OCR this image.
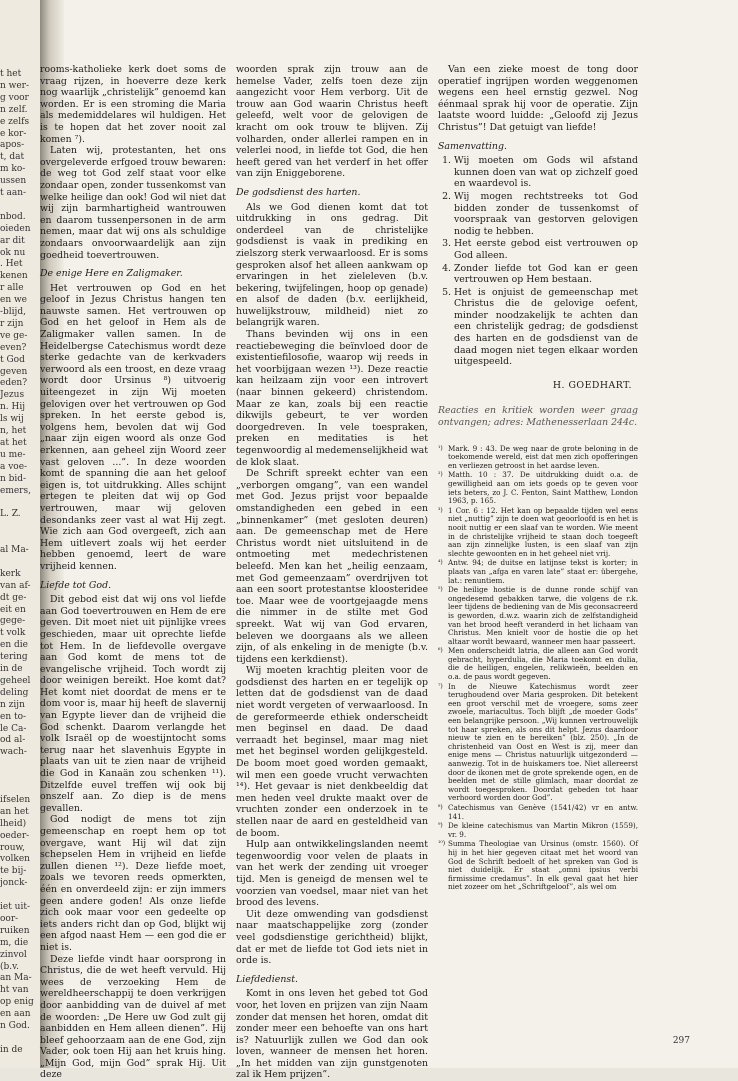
t het
n wer-
g voor
n zelf.
e zelfs
e kor-
apos-
t, dat
m ko-
ussen
t aan-
nbod.
oieden
ar dit
ok nu
. Het
kenen
r alle
en we
-blijd,
r zijn
ve ge-
even?
t God
geven
eden?
Jezus
n. Hij
ls wij
n, het
at het
u me-
a voe-
n bid-
emers,
L. Z.
al Ma-
kerk
van af-
dt ge-
eit en
gege-
t volk
en die
tering
in de
geheel
deling
n zijn
en to-
le Ca-
od al-
wach-
ifselen
an het
lheid)
oeder-
rouw,
volken
te bij-
jonck-
iet uit-
oor-
ruiken
m, die
zinvol
(b.v.
an Ma-
ht van
op enig
en aan
n God.
in de

rooms-katholieke kerk doet soms de vraag rijzen, in hoeverre deze kerk nog waarlijk „christelijk” genoemd kan worden. Er is een stroming die Maria als medemiddelares wil huldigen. Het is te hopen dat het zover nooit zal komen ⁷).

Laten wij, protestanten, het ons overgeleverde erfgoed trouw bewaren: de weg tot God zelf staat voor elke zondaar open, zonder tussenkomst van welke heilige dan ook! God wil niet dat wij zijn barmhartigheid wantrouwen en daarom tussenpersonen in de arm nemen, maar dat wij ons als schuldige zondaars onvoorwaardelijk aan zijn goedheid toevertrouwen.

De enige Here en Zaligmaker.

Het vertrouwen op God en het geloof in Jezus Christus hangen ten nauwste samen. Het vertrouwen op God en het geloof in Hem als de Zaligmaker vallen samen. In de Heidelbergse Catechismus wordt deze sterke gedachte van de kerkvaders verwoord als een troost, en deze vraag wordt door Ursinus ⁸) uitvoerig uiteengezet in zijn Wij moeten gelovigen over het vertrouwen op God spreken. In het eerste gebod is, volgens hem, bevolen dat wij God „naar zijn eigen woord als onze God erkennen, aan geheel zijn Woord zeer vast geloven ...”. In deze woorden komt de spanning die aan het geloof eigen is, tot uitdrukking. Alles schijnt ertegen te pleiten dat wij op God vertrouwen, maar wij geloven desondanks zeer vast al wat Hij zegt. Wie zich aan God overgeeft, zich aan Hem uitlevert zoals wij het eerder hebben genoemd, leert de ware vrijheid kennen.

Liefde tot God.

Dit gebod eist dat wij ons vol liefde aan God toevertrouwen en Hem de ere geven. Dit moet niet uit pijnlijke vrees geschieden, maar uit oprechte liefde tot Hem. In de liefdevolle overgave aan God komt de mens tot de evangelische vrijheid. Toch wordt zij door weinigen bereikt. Hoe komt dat? Het komt niet doordat de mens er te dom voor is, maar hij heeft de slavernij van Egypte liever dan de vrijheid die God schenkt. Daarom verlangde het volk Israël op de woestijntocht soms terug naar het slavenhuis Egypte in plaats van uit te zien naar de vrijheid die God in Kanaän zou schenken ¹¹). Ditzelfde euvel treffen wij ook bij onszelf aan. Zo diep is de mens gevallen.

God nodigt de mens tot zijn gemeenschap en roept hem op tot overgave, want Hij wil dat zijn schepselen Hem in vrijheid en liefde zullen dienen ¹²). Deze liefde moet, zoals we tevoren reeds opmerkten, één en onverdeeld zijn: er zijn immers geen andere goden! Als onze liefde zich ook maar voor een gedeelte op iets anders richt dan op God, blijkt wij een afgod naast Hem — een god die er niet is.

Deze liefde vindt haar oorsprong in Christus, die de wet heeft vervuld. Hij wees de verzoeking Hem de wereldheerschappij te doen verkrijgen door aanbidding van de duivel af met de woorden: „De Here uw God zult gij aanbidden en Hem alleen dienen”. Hij bleef gehoorzaam aan de ene God, zijn Vader, ook toen Hij aan het kruis hing. „Mijn God, mijn God” sprak Hij. Uit deze

woorden sprak zijn trouw aan de hemelse Vader, zelfs toen deze zijn aangezicht voor Hem verborg. Uit de trouw aan God waarin Christus heeft geleefd, welt voor de gelovigen de kracht om ook trouw te blijven. Zij volharden, onder allerlei rampen en in velerlei nood, in liefde tot God, die hen heeft gered van het verderf in het offer van zijn Eniggeborene.

De godsdienst des harten.

Als we God dienen komt dat tot uitdrukking in ons gedrag. Dit onderdeel van de christelijke godsdienst is vaak in prediking en zielszorg sterk verwaarloosd. Er is soms gesproken alsof het alleen aankwam op ervaringen in het zieleleven (b.v. bekering, twijfelingen, hoop op genade) en alsof de daden (b.v. eerlijkheid, huwelijkstrouw, mildheid) niet zo belangrijk waren.

Thans bevinden wij ons in een reactiebeweging die beïnvloed door de existentiefilosofie, waarop wij reeds in het voorbijgaan wezen ¹³). Deze reactie kan heilzaam zijn voor een introvert (naar binnen gekeerd) christendom. Maar ze kan, zoals bij een reactie dikwijls gebeurt, te ver worden doorgedreven. In vele toespraken, preken en meditaties is het tegenwoordig al medemenselijkheid wat de klok slaat.

De Schrift spreekt echter van een „verborgen omgang”, van een wandel met God. Jezus prijst voor bepaalde omstandigheden een gebed in een „binnenkamer” (met gesloten deuren) aan. De gemeenschap met de Here Christus wordt niet uitsluitend in de ontmoeting met medechristenen beleefd. Men kan het „heilig eenzaam, met God gemeenzaam” overdrijven tot aan een soort protestantse kloosteridee toe. Maar wee de voortgejaagde mens die nimmer in de stilte met God spreekt. Wat wij van God ervaren, beleven we doorgaans als we alleen zijn, of als enkeling in de menigte (b.v. tijdens een kerkdienst).

Wij moeten krachtig pleiten voor de godsdienst des harten en er tegelijk op letten dat de godsdienst van de daad niet wordt vergeten of verwaarloosd. In de gereformeerde ethiek onderscheidt men beginsel en daad. De daad verraadt het beginsel, maar mag niet met het beginsel worden gelijkgesteld. De boom moet goed worden gemaakt, wil men een goede vrucht verwachten ¹⁴). Het gevaar is niet denkbeeldig dat men heden veel drukte maakt over de vruchten zonder een onderzoek in te stellen naar de aard en gesteldheid van de boom.

Hulp aan ontwikkelingslanden neemt tegenwoordig voor velen de plaats in van het werk der zending uit vroeger tijd. Men is geneigd de mensen wel te voorzien van voedsel, maar niet van het brood des levens.

Uit deze omwending van godsdienst naar maatschappelijke zorg (zonder veel godsdienstige gerichtheid) blijkt, dat er met de liefde tot God iets niet in orde is.

Liefdedienst.

Komt in ons leven het gebed tot God voor, het loven en prijzen van zijn Naam zonder dat mensen het horen, omdat dit zonder meer een behoefte van ons hart is? Natuurlijk zullen we God dan ook loven, wanneer de mensen het horen. „In het midden van zijn gunstgenoten zal ik Hem prijzen”.

Van een zieke moest de tong door operatief ingrijpen worden weggenomen wegens een heel ernstig gezwel. Nog éénmaal sprak hij voor de operatie. Zijn laatste woord luidde: „Geloofd zij Jezus Christus”! Dat getuigt van liefde!

Samenvatting.
1. Wij moeten om Gods wil afstand kunnen doen van wat op zichzelf goed en waardevol is.
2. Wij mogen rechtstreeks tot God bidden zonder de tussenkomst of voorspraak van gestorven gelovigen nodig te hebben.
3. Het eerste gebod eist vertrouwen op God alleen.
4. Zonder liefde tot God kan er geen vertrouwen op Hem bestaan.
5. Het is onjuist de gemeenschap met Christus die de gelovige oefent, minder noodzakelijk te achten dan een christelijk gedrag; de godsdienst des harten en de godsdienst van de daad mogen niet tegen elkaar worden uitgespeeld.
H. GOEDHART.
Reacties en kritiek worden weer graag ontvangen; adres: Mathenesserlaan 244c.

¹) Mark. 9 : 43. De weg naar de grote beloning in de toekomende wereld, eist dat men zich opofferingen en verliezen getroost in het aardse leven.

²) Matth. 10 : 37. De uitdrukking duidt o.a. de gewilligheid aan om iets goeds op te geven voor iets beters, zo J. C. Fenton, Saint Matthew, London 1963, p. 165.

³) 1 Cor. 6 : 12. Het kan op bepaalde tijden wel eens niet „nuttig” zijn te doen wat geoorloofd is en het is nooit nuttig er een slaaf van te worden. Wie meent in de christelijke vrijheid te staan doch toegeeft aan zijn zinnelijke lusten, is een slaaf van zijn slechte gewoonten en in het geheel niet vrij.

⁴) Antw. 94; de duitse en latijnse tekst is korter; in plaats van „afga en varen late” staat er: übergehe, lat.: renuntiem.

⁵) De heilige hostie is de dunne ronde schijf van ongedesemd gebakken tarwe, die volgens de r.k. leer tijdens de bediening van de Mis geconsacreerd is geworden, d.w.z. waarin zich de zelfstandigheid van het brood heeft veranderd in het lichaam van Christus. Men knielt voor de hostie die op het altaar wordt bewaard, wanneer men haar passeert.

⁶) Men onderscheidt latria, die alleen aan God wordt gebracht, hyperdulia, die Maria toekomt en dulia, die de heiligen, engelen, relikwieën, beelden en o.a. de paus wordt gegeven.

⁷) In de Nieuwe Katechismus wordt zeer terughoudend over Maria gesproken. Dit betekent een groot verschil met de vroegere, soms zeer zwoele, mariacultus. Toch blijft „de moeder Gods” een belangrijke persoon. „Wij kunnen vertrouwelijk tot haar spreken, als ons dit helpt. Jezus daardoor nieuw te zien en te bereiken” (blz. 250). „In de christenheid van Oost en West is zij, meer dan enige mens — Christus natuurlijk uitgezonderd — aanwezig. Tot in de huiskamers toe. Niet allereerst door de ikonen met de grote sprekende ogen, en de beelden met de stille glimlach, maar doordat ze wordt toegesproken. Doordat gebeden tot haar verhoord worden door God”.

⁸) Catechismus van Genève (1541/42) vr en antw. 141.

⁹) De kleine catechismus van Martin Mikron (1559), vr. 9.

¹⁰) Summa Theologiae van Ursinus (omstr. 1560). Of hij in het hier gegeven citaat met het woord van God de Schrift bedoelt of het spreken van God is niet duidelijk. Er staat „omni ipsius verbi firmissime credamus”. In elk geval gaat het hier niet zozeer om het „Schriftgeloof”, als wel om

297
